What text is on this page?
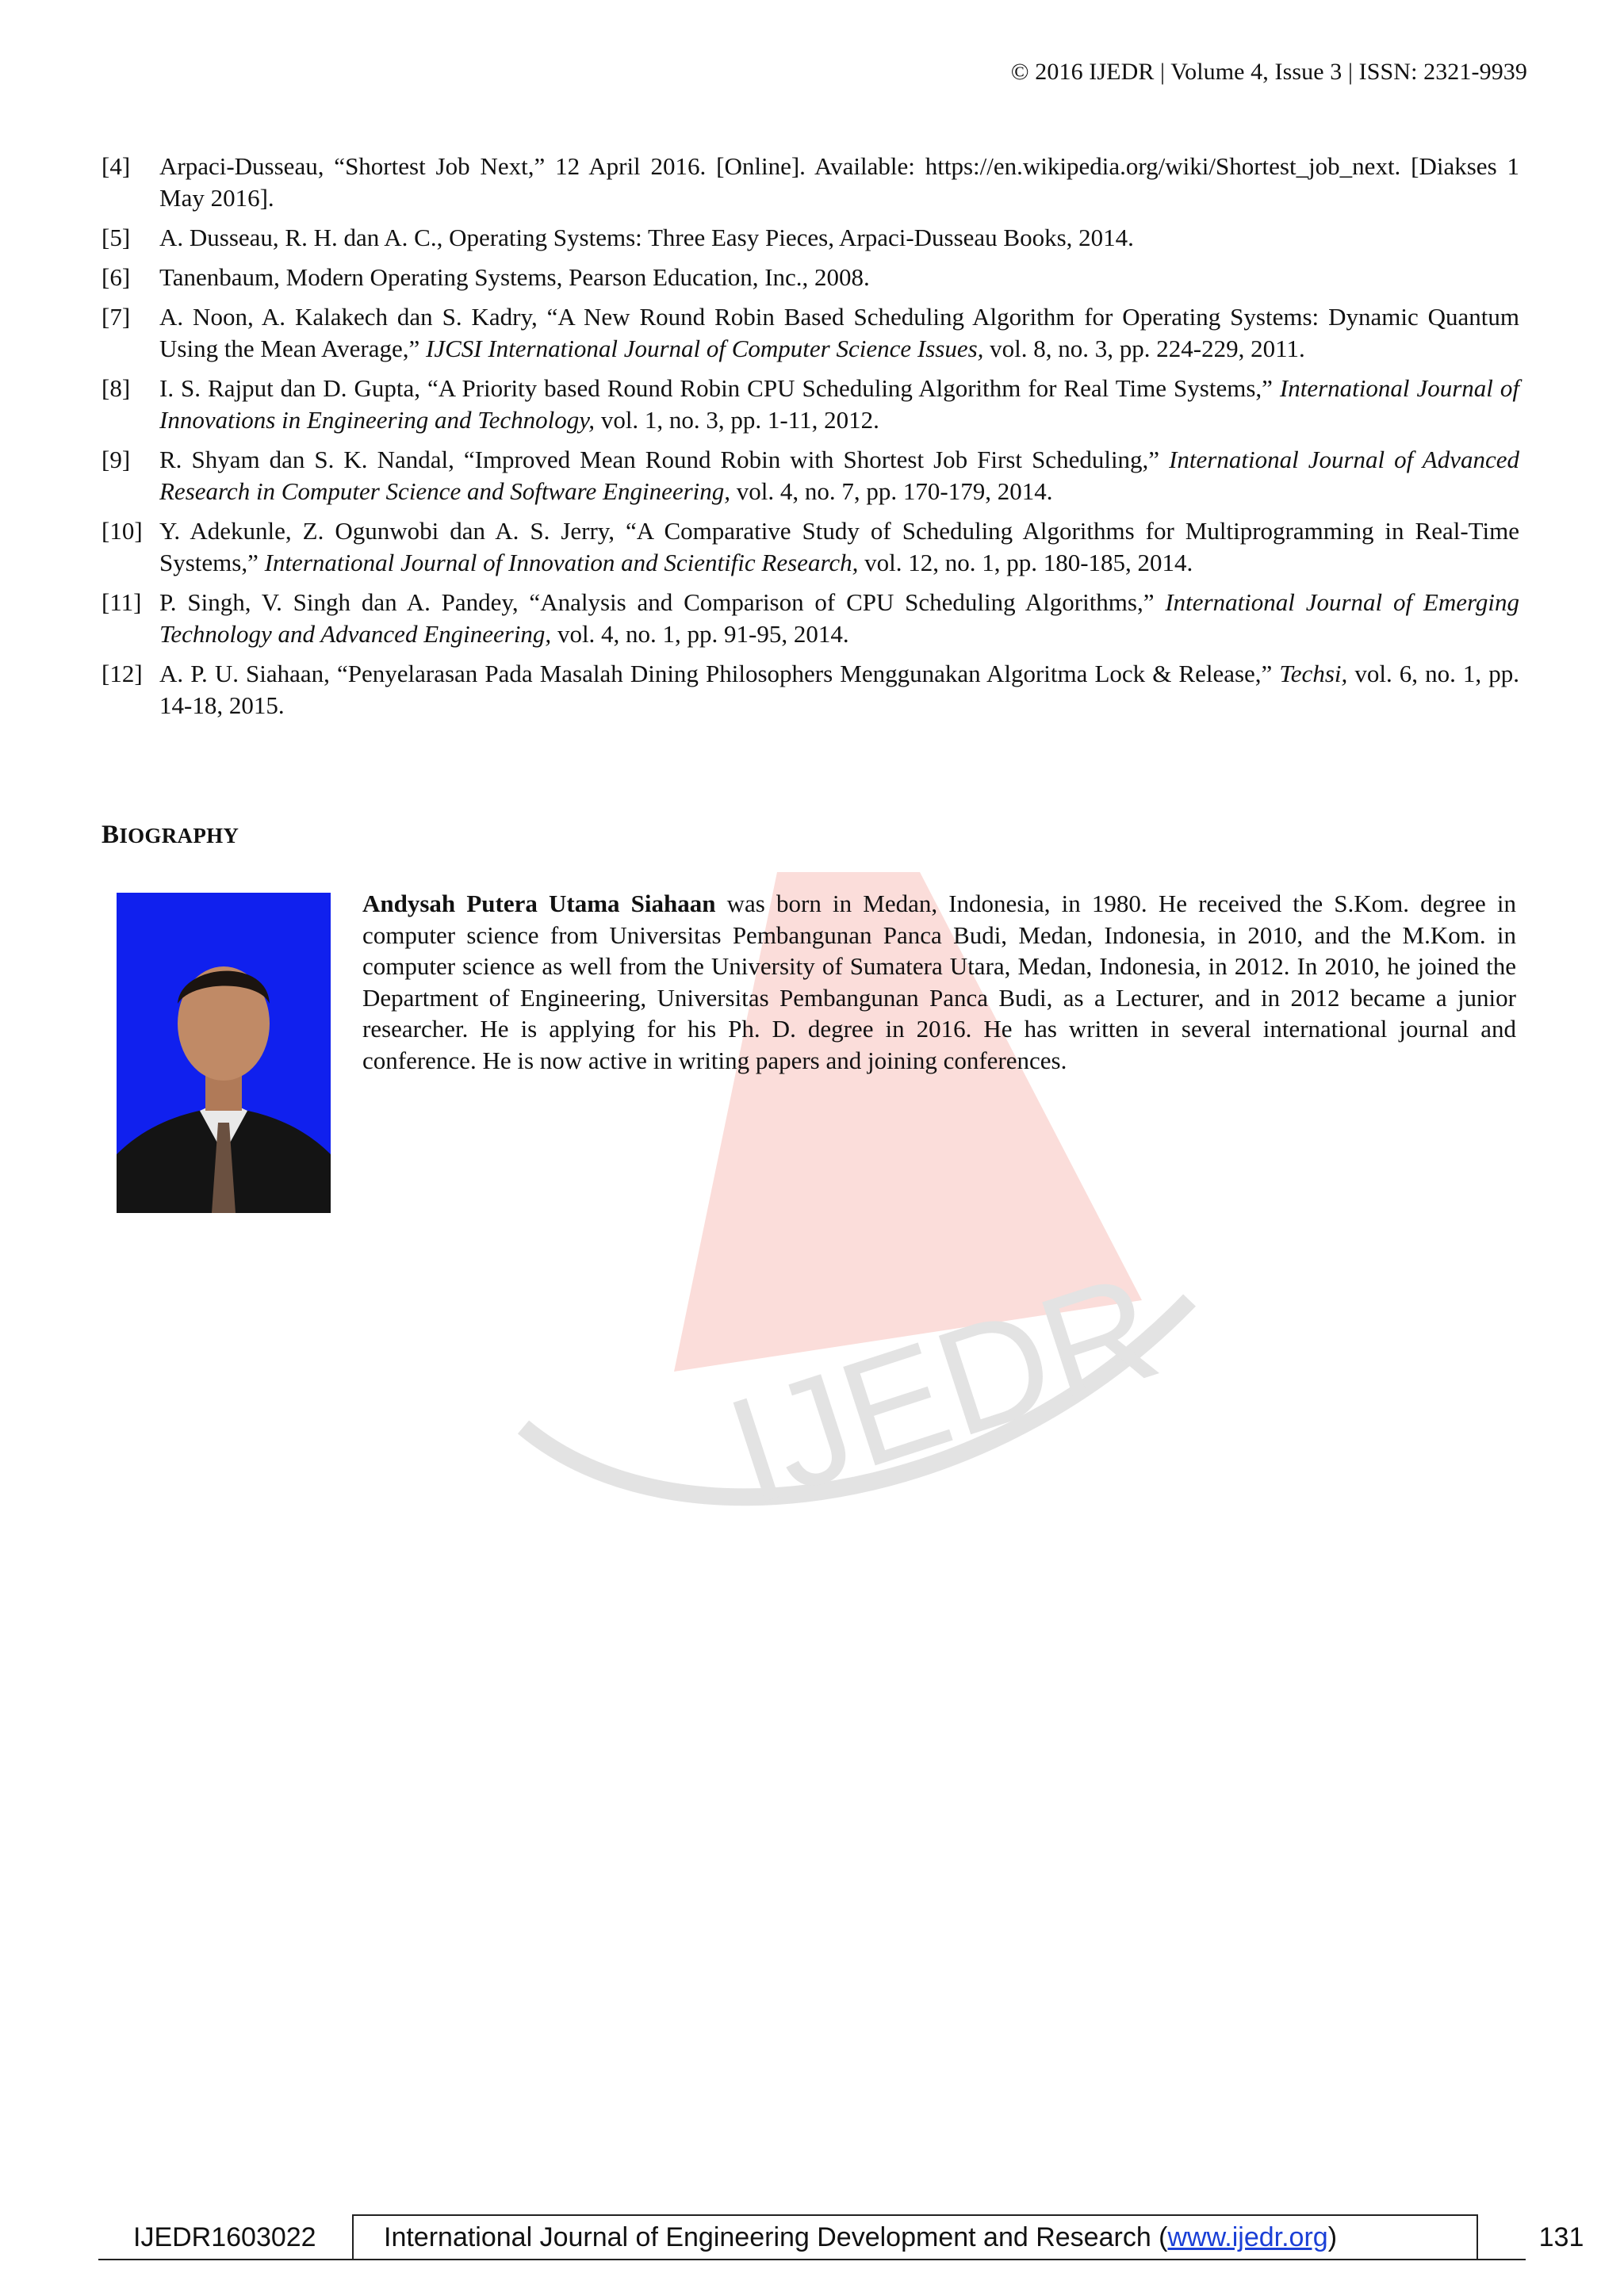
© 2016 IJEDR | Volume 4, Issue 3 | ISSN: 2321-9939
IJEDR
[4]	Arpaci-Dusseau, “Shortest Job Next,” 12 April 2016. [Online]. Available: https://en.wikipedia.org/wiki/Shortest_job_next. [Diakses 1 May 2016].
[5]	A. Dusseau, R. H. dan A. C., Operating Systems: Three Easy Pieces, Arpaci-Dusseau Books, 2014.
[6]	Tanenbaum, Modern Operating Systems, Pearson Education, Inc., 2008.
[7]	A. Noon, A. Kalakech dan S. Kadry, “A New Round Robin Based Scheduling Algorithm for Operating Systems: Dynamic Quantum Using the Mean Average,” IJCSI International Journal of Computer Science Issues, vol. 8, no. 3, pp. 224-229, 2011.
[8]	I. S. Rajput dan D. Gupta, “A Priority based Round Robin CPU Scheduling Algorithm for Real Time Systems,” International Journal of Innovations in Engineering and Technology, vol. 1, no. 3, pp. 1-11, 2012.
[9]	R. Shyam dan S. K. Nandal, “Improved Mean Round Robin with Shortest Job First Scheduling,” International Journal of Advanced Research in Computer Science and Software Engineering, vol. 4, no. 7, pp. 170-179, 2014.
[10] Y. Adekunle, Z. Ogunwobi dan A. S. Jerry, “A Comparative Study of Scheduling Algorithms for Multiprogramming in Real-Time Systems,” International Journal of Innovation and Scientific Research, vol. 12, no. 1, pp. 180-185, 2014.
[11] P. Singh, V. Singh dan A. Pandey, “Analysis and Comparison of CPU Scheduling Algorithms,” International Journal of Emerging Technology and Advanced Engineering, vol. 4, no. 1, pp. 91-95, 2014.
[12] A. P. U. Siahaan, “Penyelarasan Pada Masalah Dining Philosophers Menggunakan Algoritma Lock & Release,” Techsi, vol. 6, no. 1, pp. 14-18, 2015.
BIOGRAPHY
Andysah Putera Utama Siahaan was born in Medan, Indonesia, in 1980. He received the S.Kom. degree in computer science from Universitas Pembangunan Panca Budi, Medan, Indonesia, in 2010, and the M.Kom. in computer science as well from the University of Sumatera Utara, Medan, Indonesia, in 2012. In 2010, he joined the Department of Engineering, Universitas Pembangunan Panca Budi, as a Lecturer, and in 2012 became a junior researcher. He is applying for his Ph. D. degree in 2016. He has written in several international journal and conference. He is now active in writing papers and joining conferences.
IJEDR1603022	International Journal of Engineering Development and Research (www.ijedr.org)	131
